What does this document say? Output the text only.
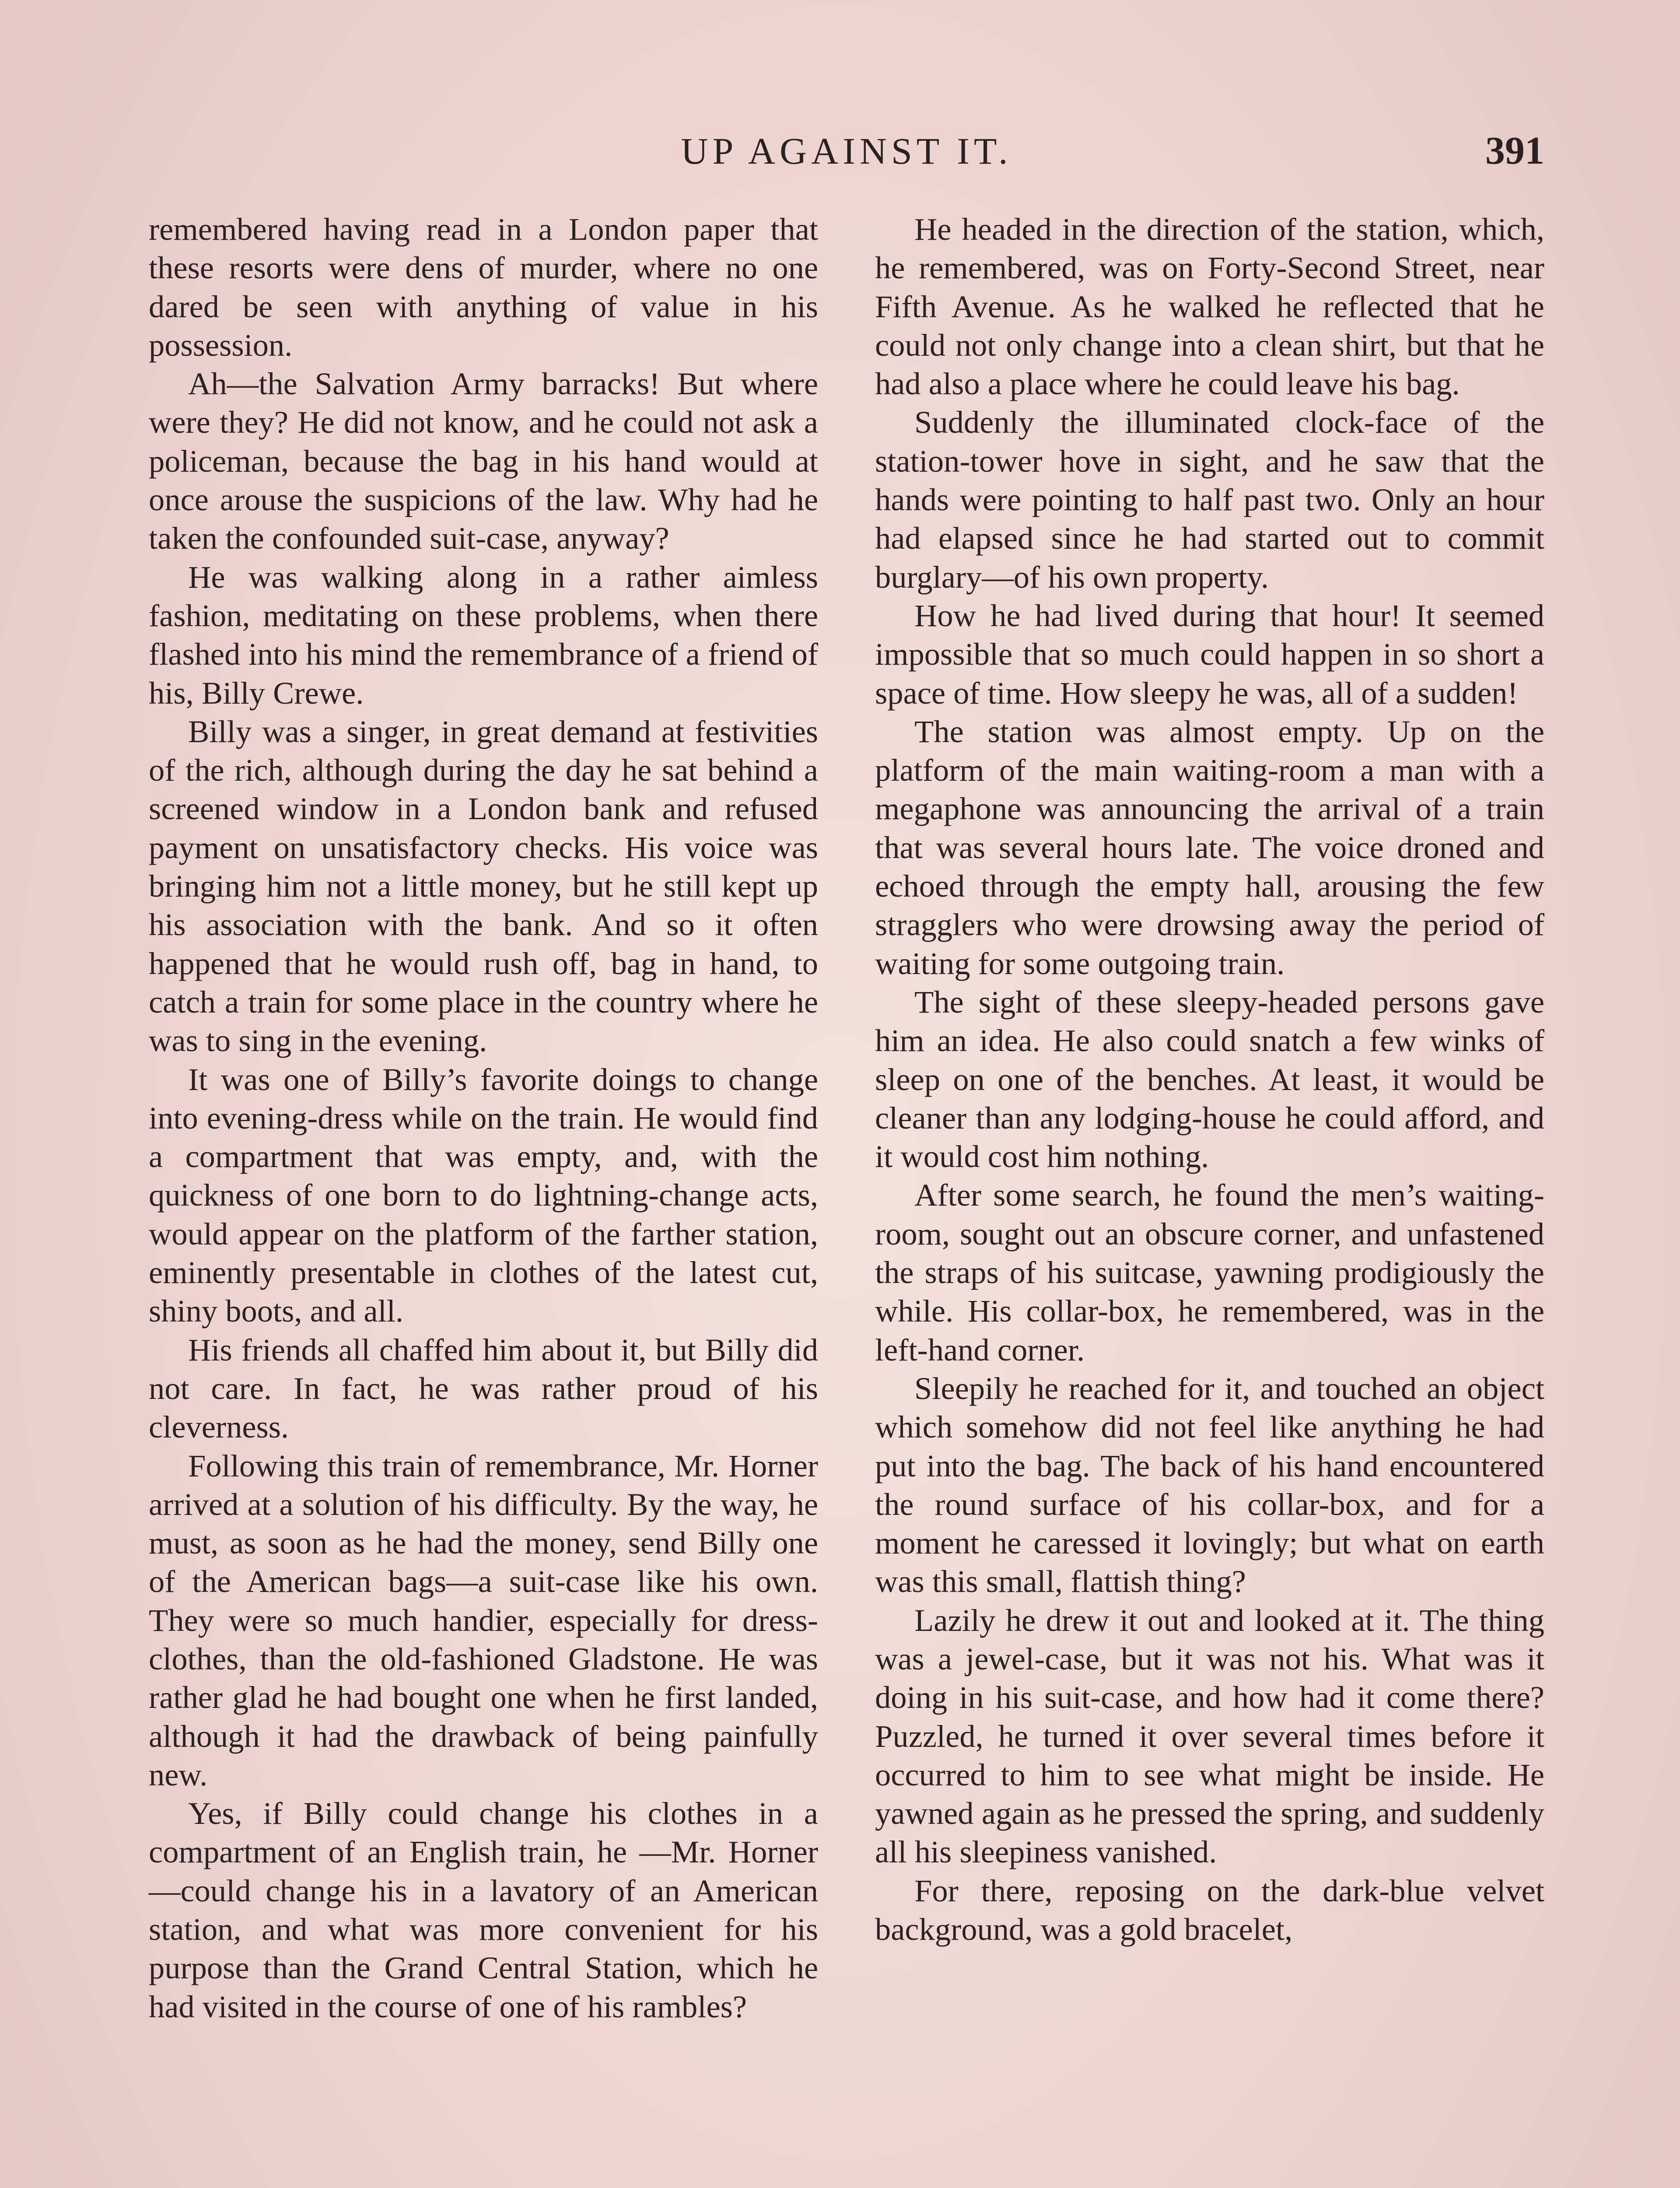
UP AGAINST IT.	391

remembered having read in a London paper that these resorts were dens of murder, where no one dared be seen with anything of value in his possession.

Ah—the Salvation Army barracks! But where were they? He did not know, and he could not ask a policeman, because the bag in his hand would at once arouse the suspicions of the law. Why had he taken the confounded suit-case, anyway?

He was walking along in a rather aimless fashion, meditating on these problems, when there flashed into his mind the remembrance of a friend of his, Billy Crewe.

Billy was a singer, in great demand at festivities of the rich, although during the day he sat behind a screened window in a London bank and refused payment on unsatisfactory checks. His voice was bringing him not a little money, but he still kept up his association with the bank. And so it often happened that he would rush off, bag in hand, to catch a train for some place in the country where he was to sing in the evening.

It was one of Billy’s favorite doings to change into evening-dress while on the train. He would find a compartment that was empty, and, with the quickness of one born to do lightning-change acts, would appear on the platform of the farther station, eminently presentable in clothes of the latest cut, shiny boots, and all.

His friends all chaffed him about it, but Billy did not care. In fact, he was rather proud of his cleverness.

Following this train of remembrance, Mr. Horner arrived at a solution of his difficulty. By the way, he must, as soon as he had the money, send Billy one of the American bags—a suit-case like his own. They were so much handier, especially for dress-clothes, than the old-fashioned Gladstone. He was rather glad he had bought one when he first landed, although it had the drawback of being painfully new.

Yes, if Billy could change his clothes in a compartment of an English train, he —Mr. Horner—could change his in a lavatory of an American station, and what was more convenient for his purpose than the Grand Central Station, which he had visited in the course of one of his rambles?

He headed in the direction of the station, which, he remembered, was on Forty-Second Street, near Fifth Avenue. As he walked he reflected that he could not only change into a clean shirt, but that he had also a place where he could leave his bag.

Suddenly the illuminated clock-face of the station-tower hove in sight, and he saw that the hands were pointing to half past two. Only an hour had elapsed since he had started out to commit burglary—of his own property.

How he had lived during that hour! It seemed impossible that so much could happen in so short a space of time. How sleepy he was, all of a sudden!

The station was almost empty. Up on the platform of the main waiting-room a man with a megaphone was announcing the arrival of a train that was several hours late. The voice droned and echoed through the empty hall, arousing the few stragglers who were drowsing away the period of waiting for some outgoing train.

The sight of these sleepy-headed persons gave him an idea. He also could snatch a few winks of sleep on one of the benches. At least, it would be cleaner than any lodging-house he could afford, and it would cost him nothing.

After some search, he found the men’s waiting-room, sought out an obscure corner, and unfastened the straps of his suitcase, yawning prodigiously the while. His collar-box, he remembered, was in the left-hand corner.

Sleepily he reached for it, and touched an object which somehow did not feel like anything he had put into the bag. The back of his hand encountered the round surface of his collar-box, and for a moment he caressed it lovingly; but what on earth was this small, flattish thing?

Lazily he drew it out and looked at it. The thing was a jewel-case, but it was not his. What was it doing in his suit-case, and how had it come there? Puzzled, he turned it over several times before it occurred to him to see what might be inside. He yawned again as he pressed the spring, and suddenly all his sleepiness vanished.

For there, reposing on the dark-blue velvet background, was a gold bracelet,
